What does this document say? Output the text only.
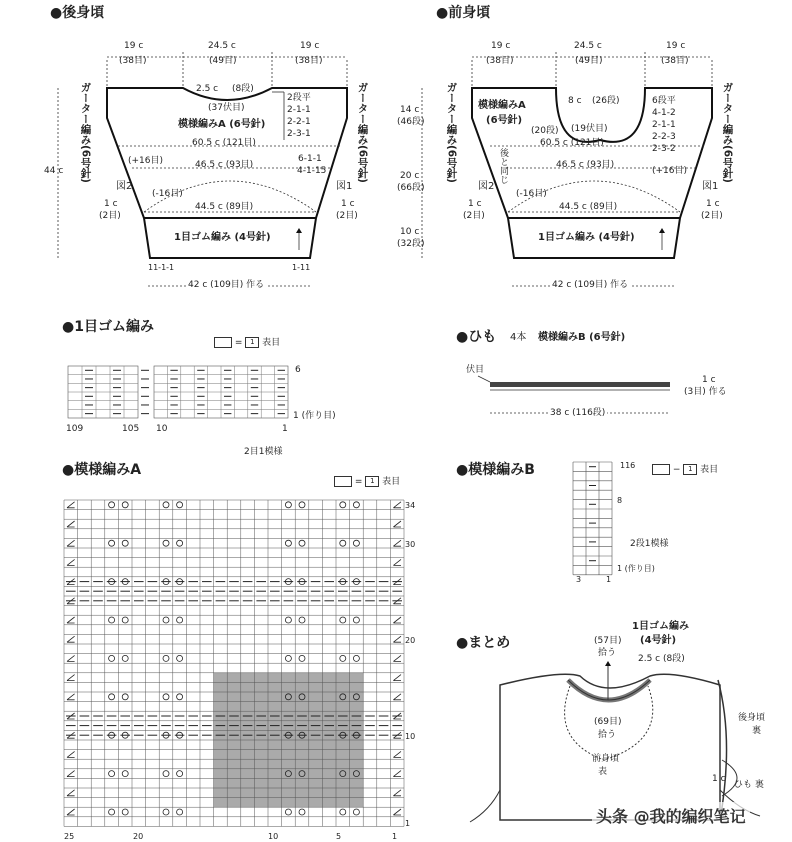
●後身頃
19 c
(38目)
24.5 c
(49目)
19 c
(38目)
2.5 c (8段)
(37伏目)
2段平
2-1-1
2-2-1
2-3-1
模様編みA (6号針)
60.5 c (121目)
(+16目)	46.5 c (93目)
6-1-1
4-1-15
図2	図1
(-16目)
44.5 c (89目)
1 c
(2目)
1 c
(2目)
1目ゴム編み (4号針)
44 c ガーター編み(6号針)	ガーター編み(6号針)
11-1-1	1-11
42 c (109目) 作る
●前身頃
19 c
(38目)
24.5 c
(49目)
19 c
(38目)
模様編みA
(6号針)
8 c (26段)	6段平
4-1-2
2-1-1
2-2-3
2-3-2
(20段) (19伏目)
60.5 c (121目)
後と同じ	46.5 c (93目)
(+16目)
図2	図1
(-16目)
44.5 c (89目)
1 c
(2目)
1 c
(2目)
1目ゴム編み (4号針)
14 c
(46段)
20 c
(66段)
10 c
(32段)
ガーター編み(6号針)	ガーター編み(6号針)
42 c (109目) 作る
●1目ゴム編み
= 1 表目
6
1 (作り目)
109	105 10	1
2目1模様
●ひも 4本 模様編みB (6号針)
伏目
1 c
(3目) 作る
38 c (116段)
●模様編みA
= 1 表目
34
30
20
10
1
25	20	10	5	1
●模様編みB	− 1 表目
116
8
2段1模様
1 (作り目)
3	1
●まとめ
1目ゴム編み
(4号針)
(57目)
拾う
2.5 c (8段)
(69目)
拾う
前身頃
表
後身頃
裏
1 c
ひも 裏
头条 @我的编织笔记
